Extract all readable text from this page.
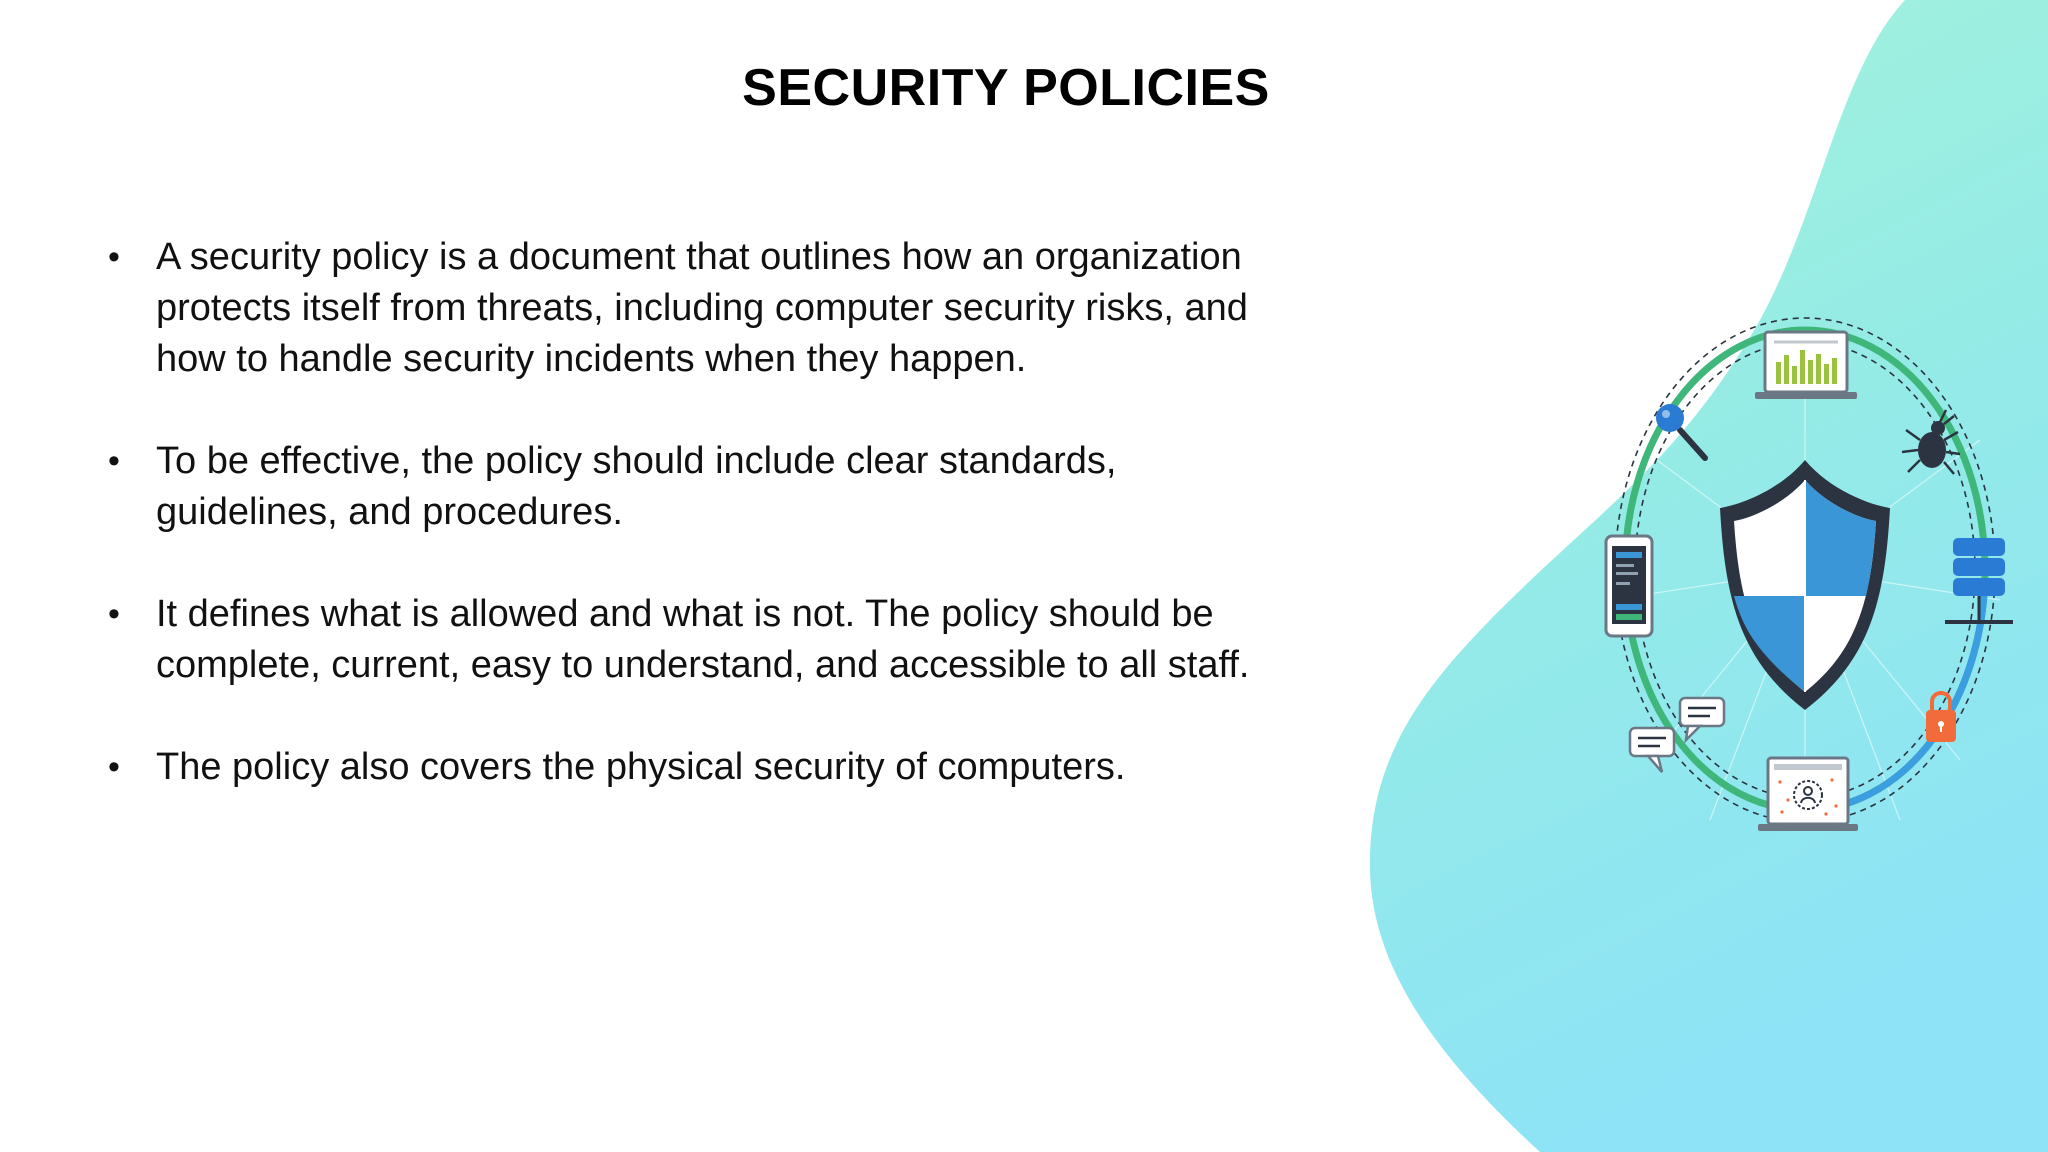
SECURITY POLICIES
• A security policy is a document that outlines how an organization protects itself from threats, including computer security risks, and how to handle security incidents when they happen.
• To be effective, the policy should include clear standards, guidelines, and procedures.
• It defines what is allowed and what is not. The policy should be complete, current, easy to understand, and accessible to all staff.
• The policy also covers the physical security of computers.
